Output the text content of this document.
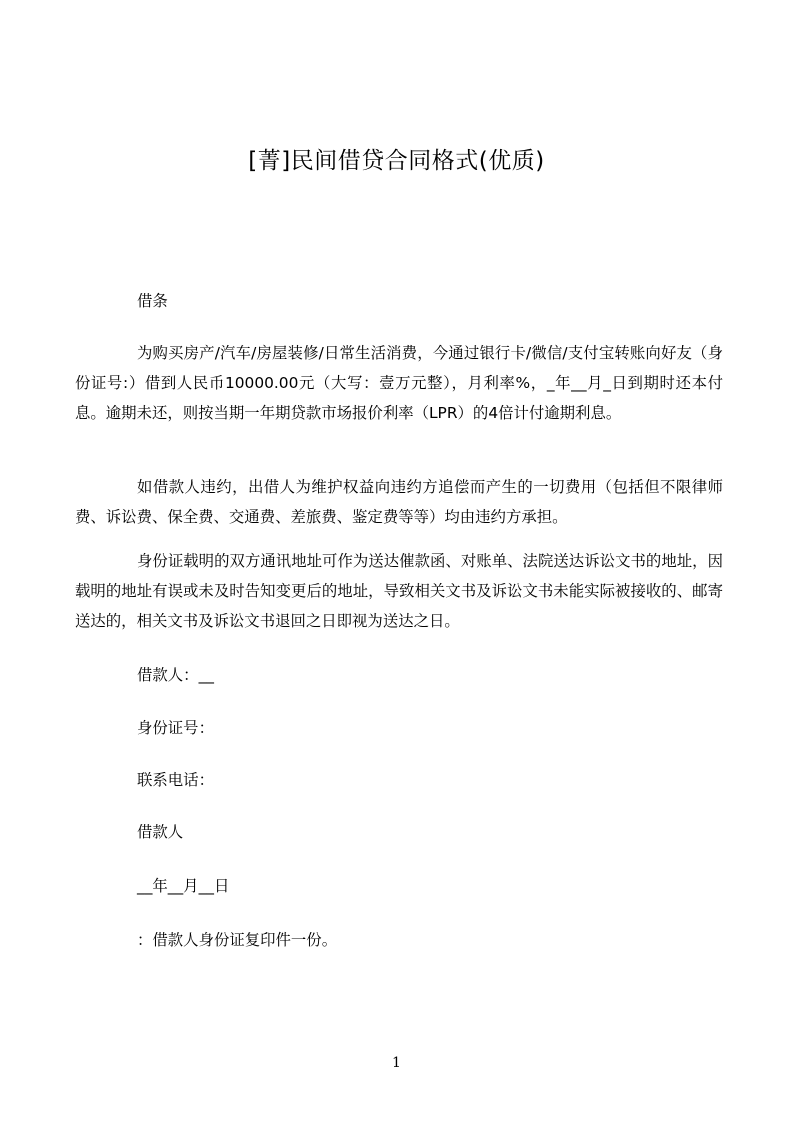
[菁]民间借贷合同格式(优质)
借条

为购买房产/汽车/房屋装修/日常生活消费，今通过银行卡/微信/支付宝转账向好友（身份证号:）借到人民币10000.00元（大写：壹万元整），月利率%，_年__月_日到期时还本付息。逾期未还，则按当期一年期贷款市场报价利率（LPR）的4倍计付逾期利息。

如借款人违约，出借人为维护权益向违约方追偿而产生的一切费用（包括但不限律师费、诉讼费、保全费、交通费、差旅费、鉴定费等等）均由违约方承担。

身份证载明的双方通讯地址可作为送达催款函、对账单、法院送达诉讼文书的地址，因载明的地址有误或未及时告知变更后的地址，导致相关文书及诉讼文书未能实际被接收的、邮寄送达的，相关文书及诉讼文书退回之日即视为送达之日。

借款人：__
身份证号：
联系电话：
借款人
__年__月__日
：借款人身份证复印件一份。
1
